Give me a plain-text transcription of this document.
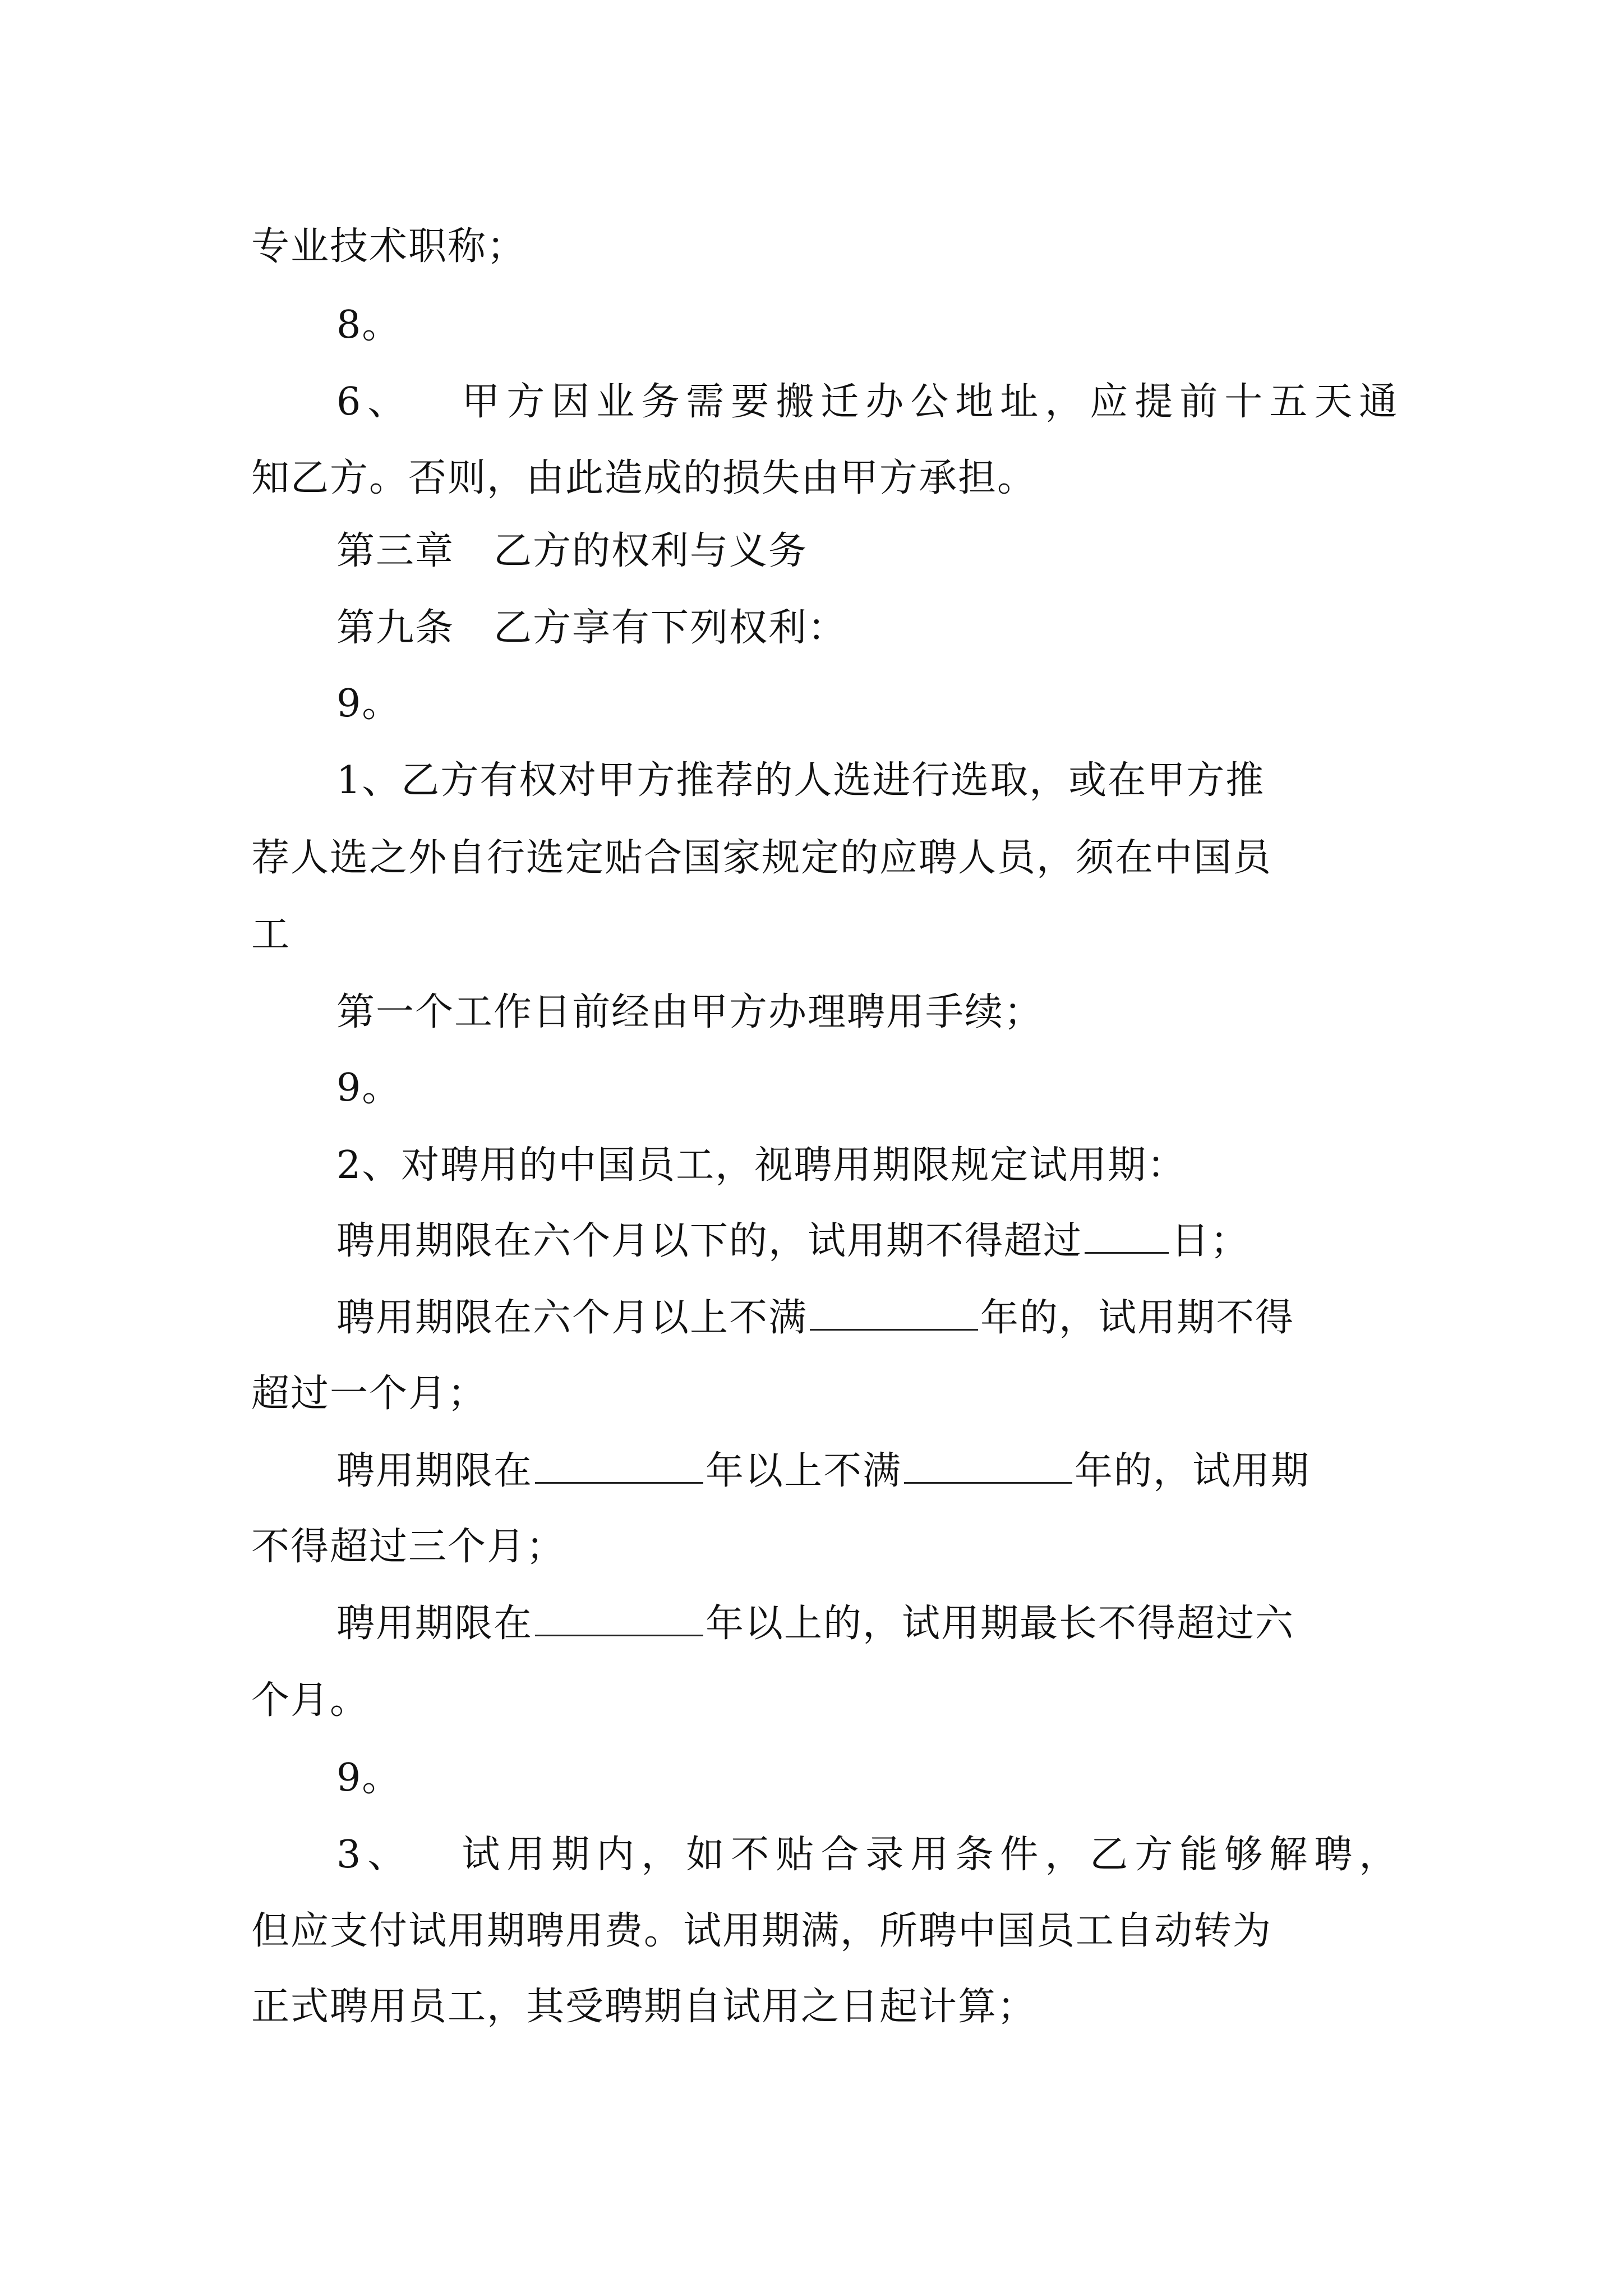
专业技术职称；

8。

6、 甲方因业务需要搬迁办公地址，应提前十五天通

知乙方。否则，由此造成的损失由甲方承担。

第三章 乙方的权利与义务

第九条 乙方享有下列权利：

9。

1、乙方有权对甲方推荐的人选进行选取，或在甲方推

荐人选之外自行选定贴合国家规定的应聘人员，须在中国员

工

第一个工作日前经由甲方办理聘用手续；

9。

2、对聘用的中国员工，视聘用期限规定试用期：

聘用期限在六个月以下的，试用期不得超过 日；

聘用期限在六个月以上不满	年的，试用期不得

超过一个月；

聘用期限在	年以上不满	年的，试用期

不得超过三个月；

聘用期限在	年以上的，试用期最长不得超过六

个月。

9。

3、 试用期内，如不贴合录用条件，乙方能够解聘，

但应支付试用期聘用费。试用期满，所聘中国员工自动转为

正式聘用员工，其受聘期自试用之日起计算；
